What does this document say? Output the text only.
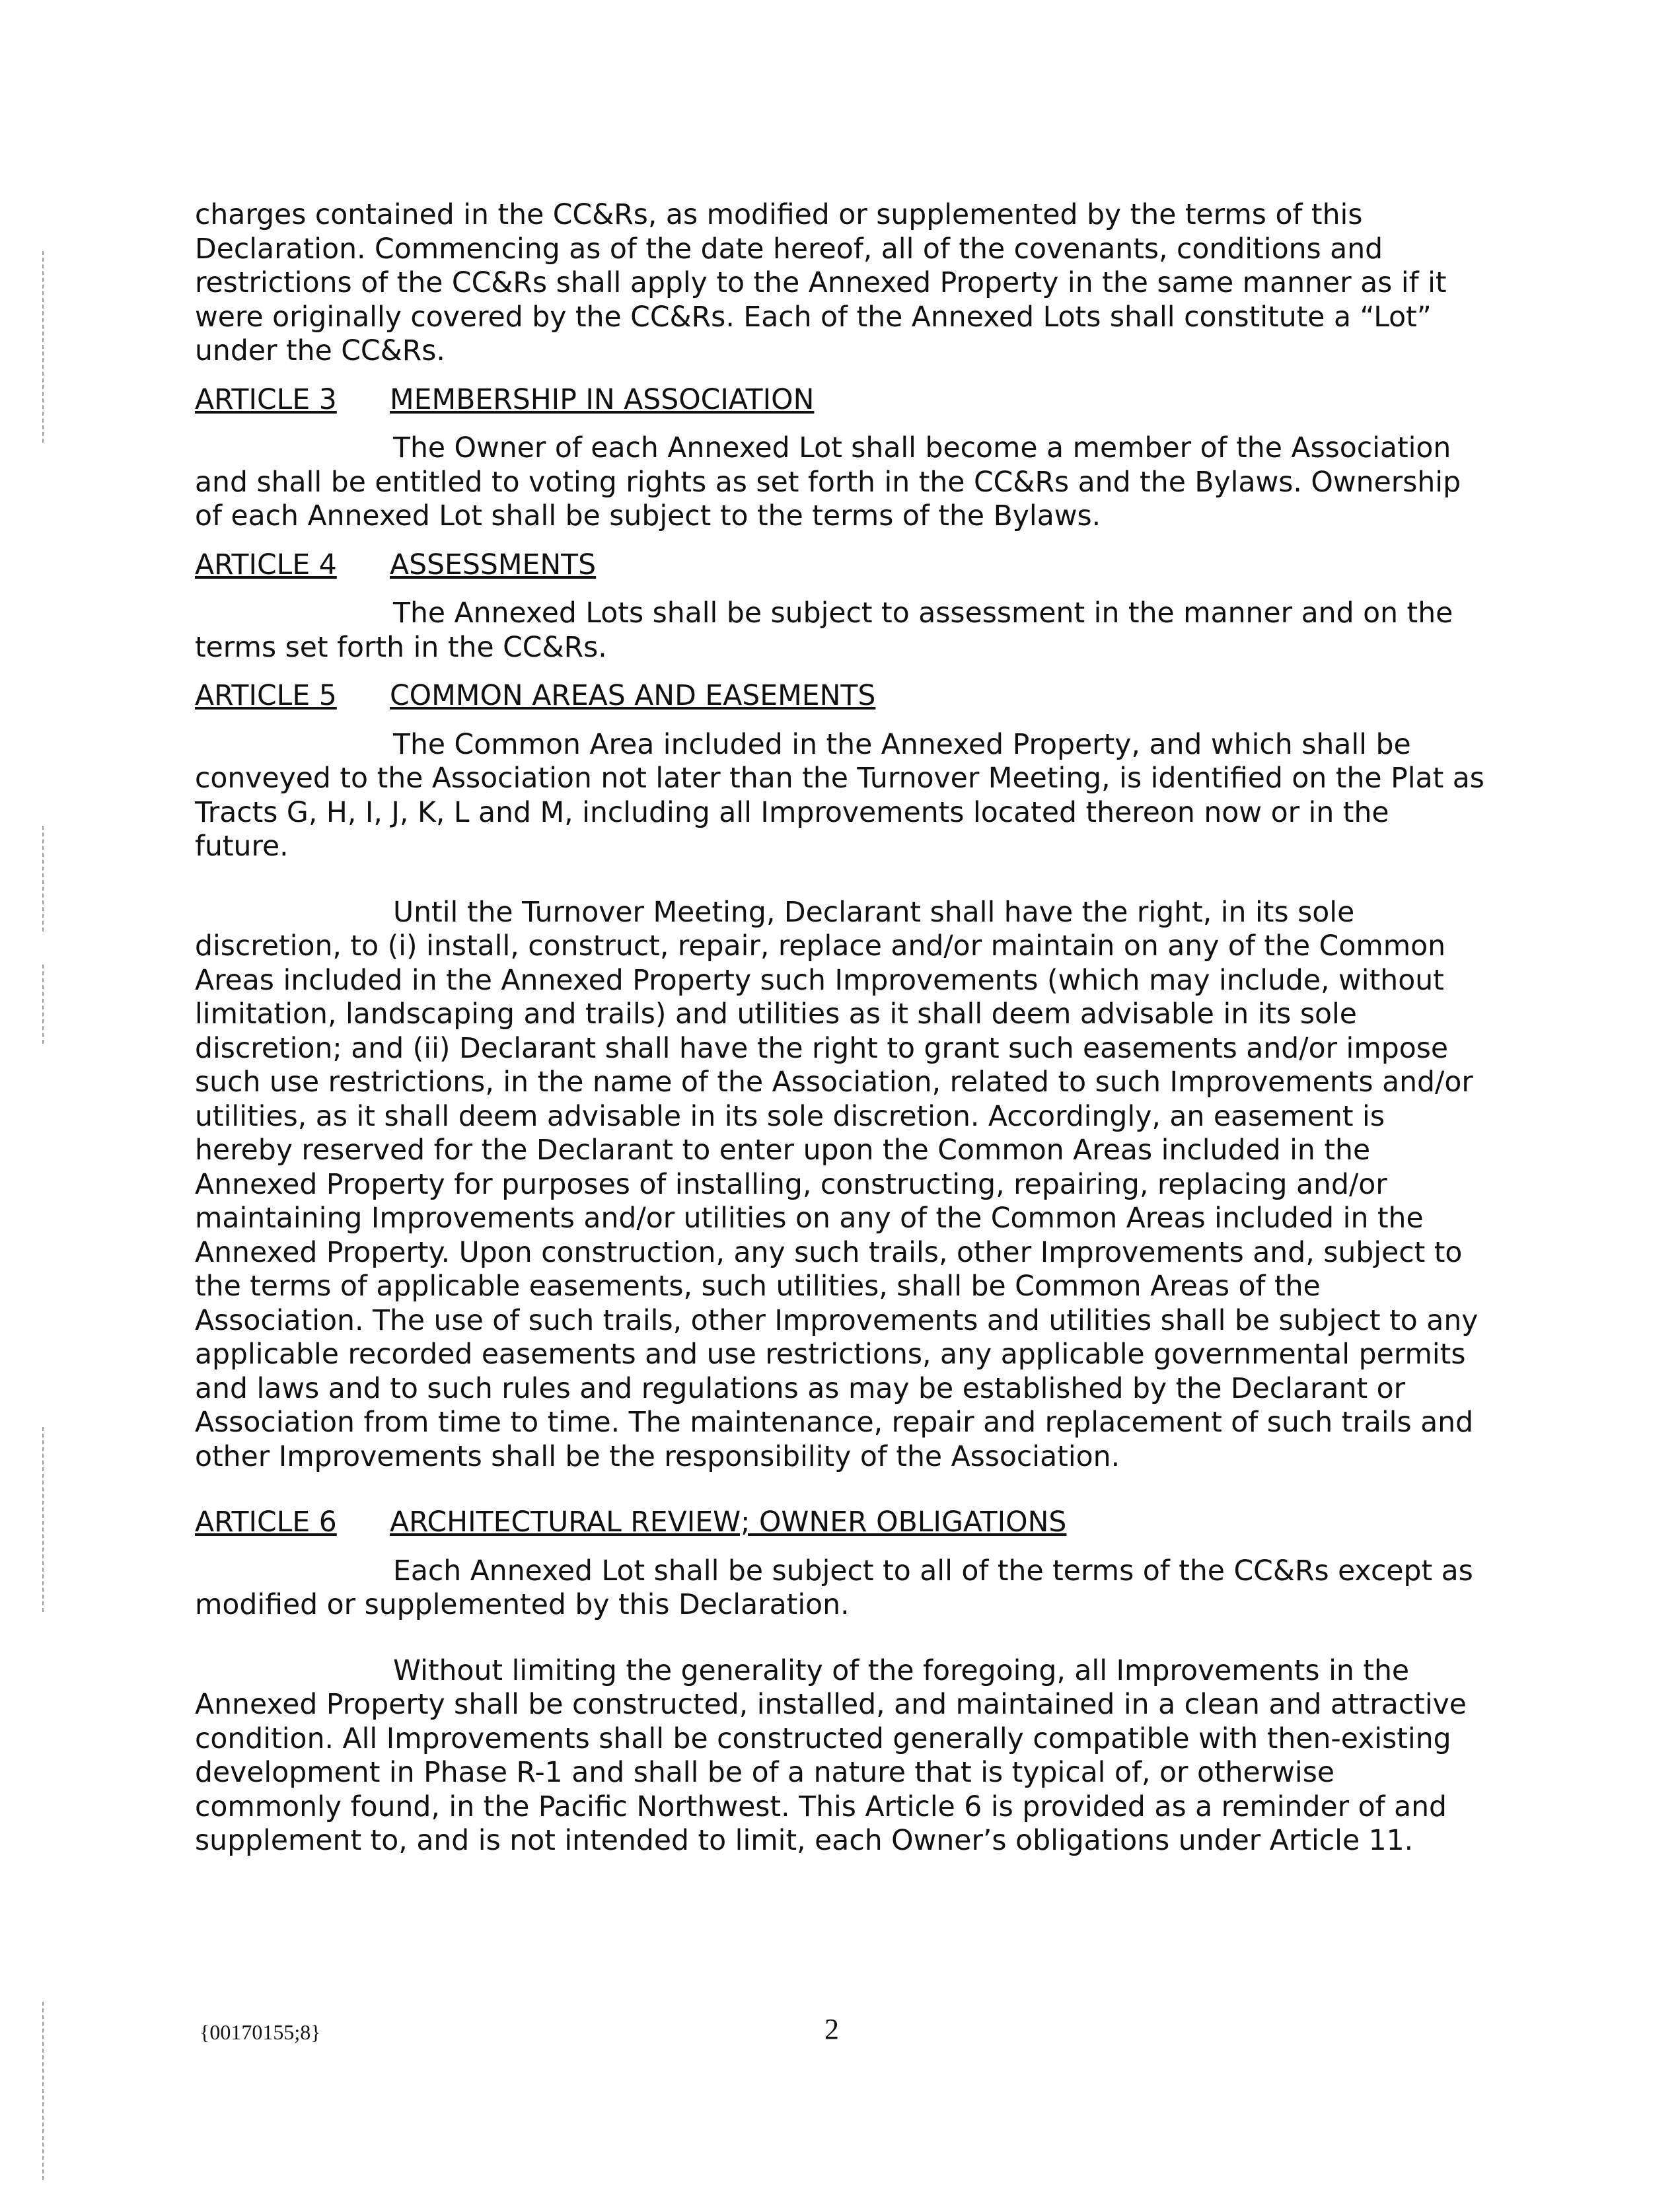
charges contained in the CC&Rs, as modified or supplemented by the terms of this Declaration. Commencing as of the date hereof, all of the covenants, conditions and restrictions of the CC&Rs shall apply to the Annexed Property in the same manner as if it were originally covered by the CC&Rs. Each of the Annexed Lots shall constitute a “Lot” under the CC&Rs.

ARTICLE 3 MEMBERSHIP IN ASSOCIATION

The Owner of each Annexed Lot shall become a member of the Association and shall be entitled to voting rights as set forth in the CC&Rs and the Bylaws. Ownership of each Annexed Lot shall be subject to the terms of the Bylaws.

ARTICLE 4 ASSESSMENTS

The Annexed Lots shall be subject to assessment in the manner and on the terms set forth in the CC&Rs.

ARTICLE 5 COMMON AREAS AND EASEMENTS

The Common Area included in the Annexed Property, and which shall be conveyed to the Association not later than the Turnover Meeting, is identified on the Plat as Tracts G, H, I, J, K, L and M, including all Improvements located thereon now or in the future.

Until the Turnover Meeting, Declarant shall have the right, in its sole discretion, to (i) install, construct, repair, replace and/or maintain on any of the Common Areas included in the Annexed Property such Improvements (which may include, without limitation, landscaping and trails) and utilities as it shall deem advisable in its sole discretion; and (ii) Declarant shall have the right to grant such easements and/or impose such use restrictions, in the name of the Association, related to such Improvements and/or utilities, as it shall deem advisable in its sole discretion. Accordingly, an easement is hereby reserved for the Declarant to enter upon the Common Areas included in the Annexed Property for purposes of installing, constructing, repairing, replacing and/or maintaining Improvements and/or utilities on any of the Common Areas included in the Annexed Property. Upon construction, any such trails, other Improvements and, subject to the terms of applicable easements, such utilities, shall be Common Areas of the Association. The use of such trails, other Improvements and utilities shall be subject to any applicable recorded easements and use restrictions, any applicable governmental permits and laws and to such rules and regulations as may be established by the Declarant or Association from time to time. The maintenance, repair and replacement of such trails and other Improvements shall be the responsibility of the Association.

ARTICLE 6 ARCHITECTURAL REVIEW; OWNER OBLIGATIONS

Each Annexed Lot shall be subject to all of the terms of the CC&Rs except as modified or supplemented by this Declaration.

Without limiting the generality of the foregoing, all Improvements in the Annexed Property shall be constructed, installed, and maintained in a clean and attractive condition. All Improvements shall be constructed generally compatible with then-existing development in Phase R-1 and shall be of a nature that is typical of, or otherwise commonly found, in the Pacific Northwest. This Article 6 is provided as a reminder of and supplement to, and is not intended to limit, each Owner’s obligations under Article 11.

{00170155;8}	2
